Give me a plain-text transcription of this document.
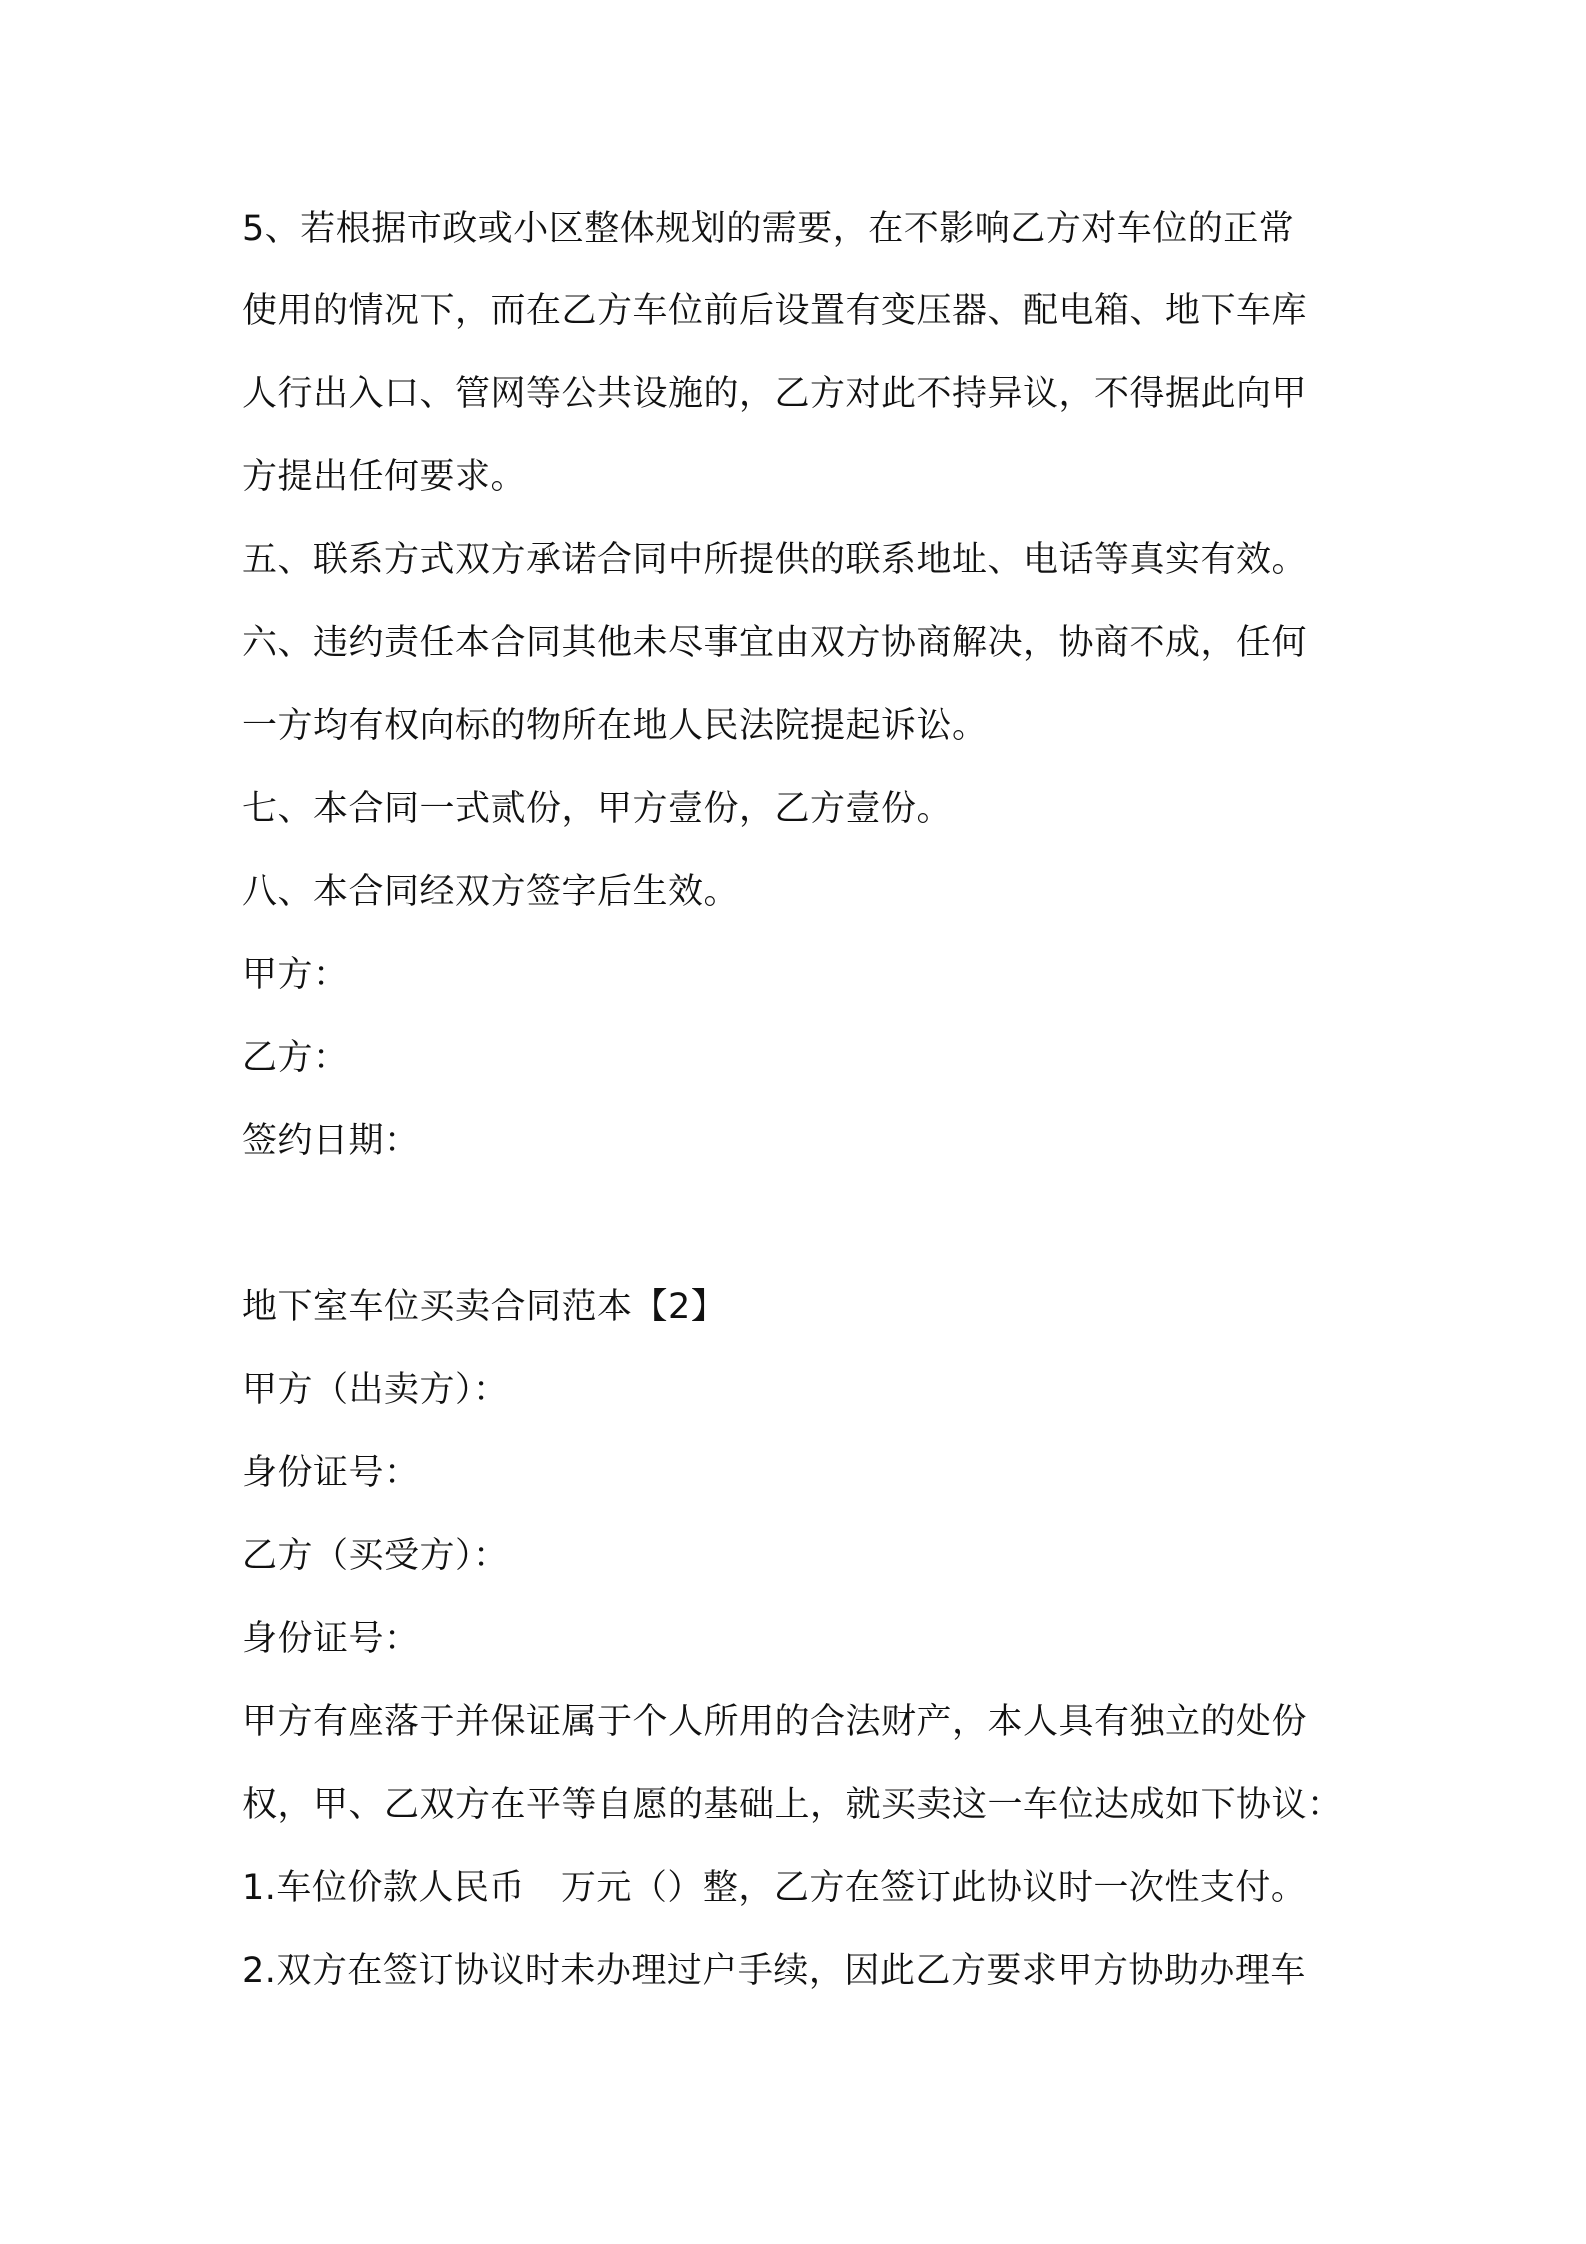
5、若根据市政或小区整体规划的需要，在不影响乙方对车位的正常
使用的情况下，而在乙方车位前后设置有变压器、配电箱、地下车库
人行出入口、管网等公共设施的，乙方对此不持异议，不得据此向甲
方提出任何要求。
五、联系方式双方承诺合同中所提供的联系地址、电话等真实有效。
六、违约责任本合同其他未尽事宜由双方协商解决，协商不成，任何
一方均有权向标的物所在地人民法院提起诉讼。
七、本合同一式贰份，甲方壹份，乙方壹份。
八、本合同经双方签字后生效。
甲方：
乙方：
签约日期：
地下室车位买卖合同范本【2】
甲方（出卖方）：
身份证号：
乙方（买受方）：
身份证号：
甲方有座落于并保证属于个人所用的合法财产，本人具有独立的处份
权，甲、乙双方在平等自愿的基础上，就买卖这一车位达成如下协议：
1.车位价款人民币 万元（）整，乙方在签订此协议时一次性支付。
2.双方在签订协议时未办理过户手续，因此乙方要求甲方协助办理车
